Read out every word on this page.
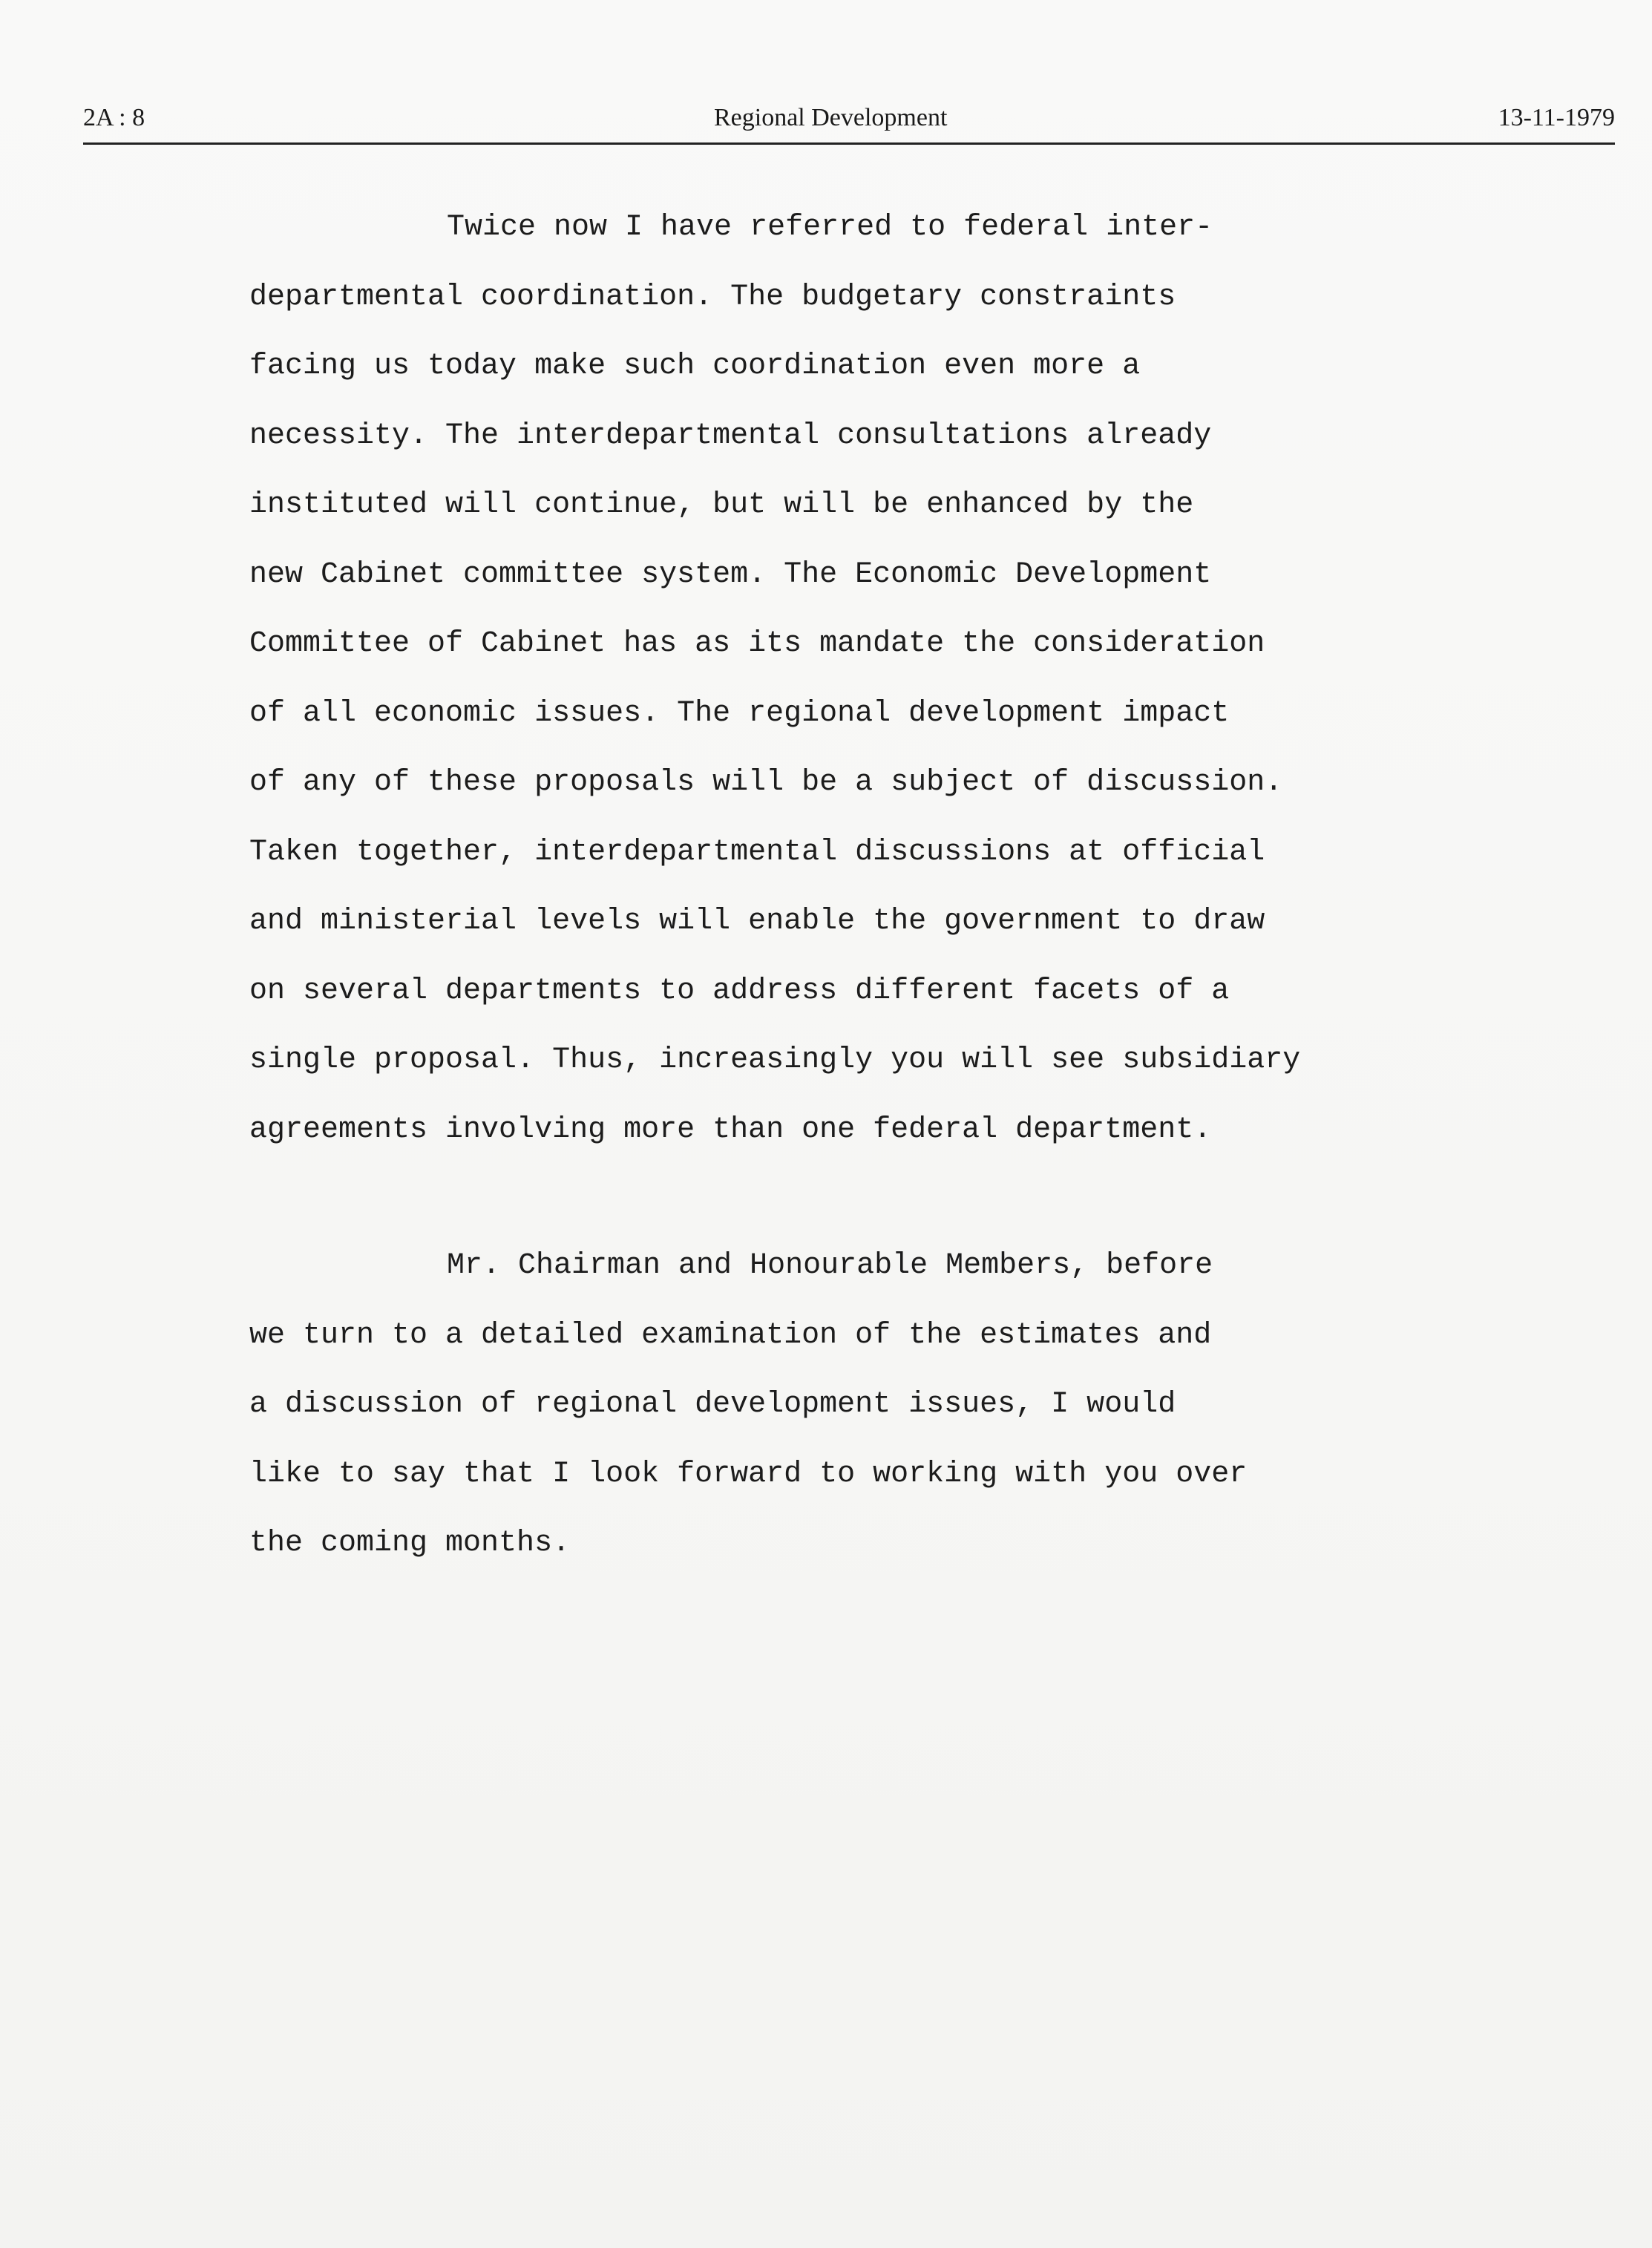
2A : 8	Regional Development	13-11-1979
Twice now I have referred to federal inter-
departmental coordination. The budgetary constraints
facing us today make such coordination even more a
necessity. The interdepartmental consultations already
instituted will continue, but will be enhanced by the
new Cabinet committee system. The Economic Development
Committee of Cabinet has as its mandate the consideration
of all economic issues. The regional development impact
of any of these proposals will be a subject of discussion.
Taken together, interdepartmental discussions at official
and ministerial levels will enable the government to draw
on several departments to address different facets of a
single proposal. Thus, increasingly you will see subsidiary
agreements involving more than one federal department.
Mr. Chairman and Honourable Members, before
we turn to a detailed examination of the estimates and
a discussion of regional development issues, I would
like to say that I look forward to working with you over
the coming months.
